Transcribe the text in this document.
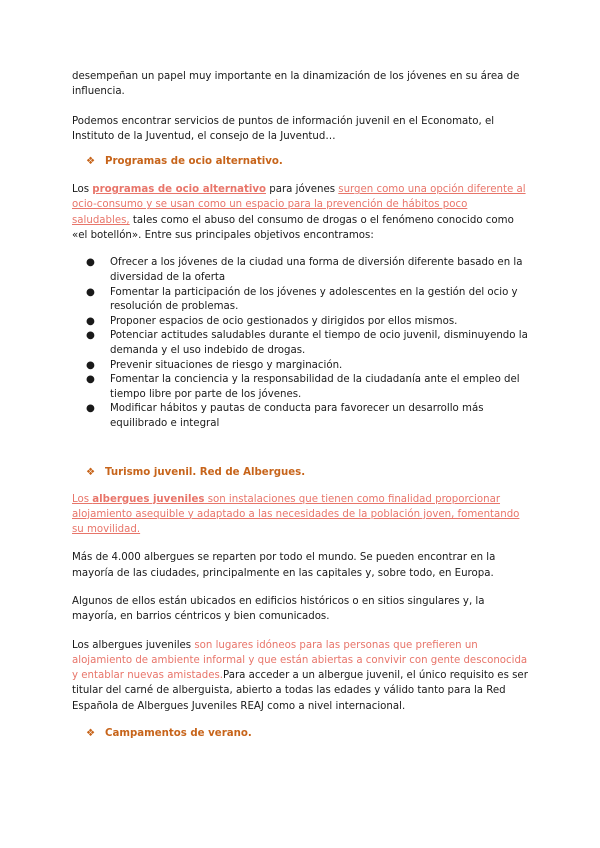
desempeñan un papel muy importante en la dinamización de los jóvenes en su área de influencia.

Podemos encontrar servicios de puntos de información juvenil en el Economato, el Instituto de la Juventud, el consejo de la Juventud…

❖ Programas de ocio alternativo.

Los programas de ocio alternativo para jóvenes surgen como una opción diferente al ocio-consumo y se usan como un espacio para la prevención de hábitos poco saludables, tales como el abuso del consumo de drogas o el fenómeno conocido como «el botellón». Entre sus principales objetivos encontramos:

● Ofrecer a los jóvenes de la ciudad una forma de diversión diferente basado en la diversidad de la oferta
● Fomentar la participación de los jóvenes y adolescentes en la gestión del ocio y resolución de problemas.
● Proponer espacios de ocio gestionados y dirigidos por ellos mismos.
● Potenciar actitudes saludables durante el tiempo de ocio juvenil, disminuyendo la demanda y el uso indebido de drogas.
● Prevenir situaciones de riesgo y marginación.
● Fomentar la conciencia y la responsabilidad de la ciudadanía ante el empleo del tiempo libre por parte de los jóvenes.
● Modificar hábitos y pautas de conducta para favorecer un desarrollo más equilibrado e integral

❖ Turismo juvenil. Red de Albergues.

Los albergues juveniles son instalaciones que tienen como finalidad proporcionar alojamiento asequible y adaptado a las necesidades de la población joven, fomentando su movilidad.

Más de 4.000 albergues se reparten por todo el mundo. Se pueden encontrar en la mayoría de las ciudades, principalmente en las capitales y, sobre todo, en Europa.

Algunos de ellos están ubicados en edificios históricos o en sitios singulares y, la mayoría, en barrios céntricos y bien comunicados.

Los albergues juveniles son lugares idóneos para las personas que prefieren un alojamiento de ambiente informal y que están abiertas a convivir con gente desconocida y entablar nuevas amistades.Para acceder a un albergue juvenil, el único requisito es ser titular del carné de alberguista, abierto a todas las edades y válido tanto para la Red Española de Albergues Juveniles REAJ como a nivel internacional.

❖ Campamentos de verano.
